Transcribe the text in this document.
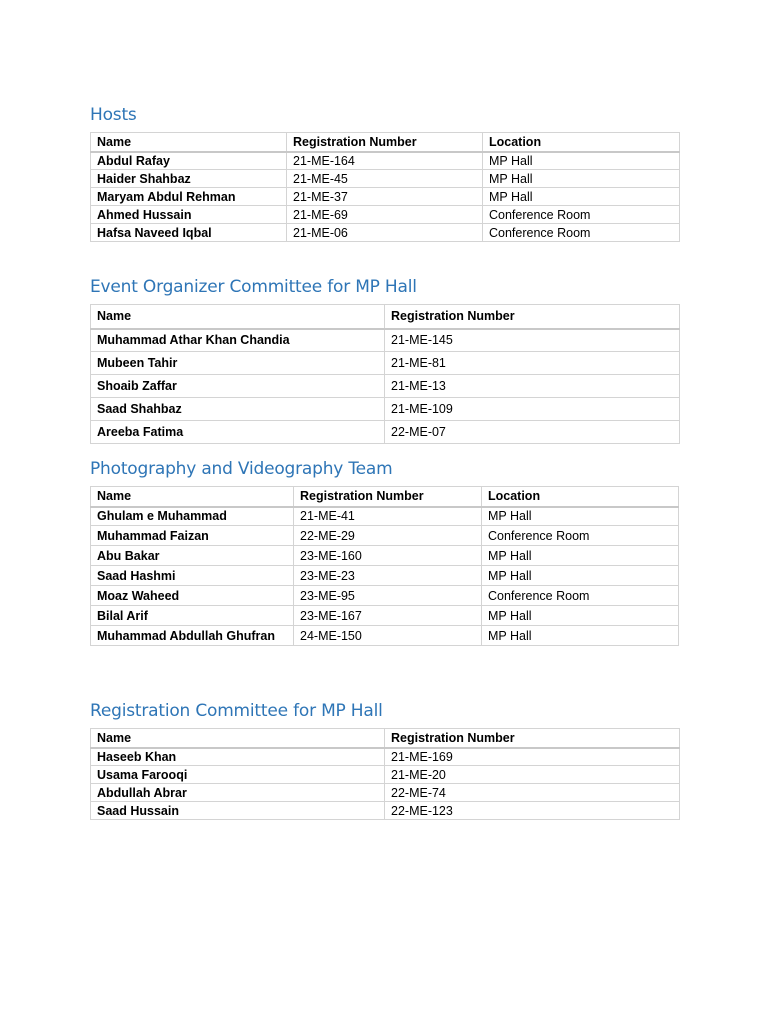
Hosts
Name	Registration Number	Location
Abdul Rafay	21-ME-164	MP Hall
Haider Shahbaz	21-ME-45	MP Hall
Maryam Abdul Rehman	21-ME-37	MP Hall
Ahmed Hussain	21-ME-69	Conference Room
Hafsa Naveed Iqbal	21-ME-06	Conference Room
Event Organizer Committee for MP Hall
Name	Registration Number
Muhammad Athar Khan Chandia	21-ME-145
Mubeen Tahir	21-ME-81
Shoaib Zaffar	21-ME-13
Saad Shahbaz	21-ME-109
Areeba Fatima	22-ME-07
Photography and Videography Team
Name	Registration Number	Location
Ghulam e Muhammad	21-ME-41	MP Hall
Muhammad Faizan	22-ME-29	Conference Room
Abu Bakar	23-ME-160	MP Hall
Saad Hashmi	23-ME-23	MP Hall
Moaz Waheed	23-ME-95	Conference Room
Bilal Arif	23-ME-167	MP Hall
Muhammad Abdullah Ghufran	24-ME-150	MP Hall
Registration Committee for MP Hall
Name	Registration Number
Haseeb Khan	21-ME-169
Usama Farooqi	21-ME-20
Abdullah Abrar	22-ME-74
Saad Hussain	22-ME-123
